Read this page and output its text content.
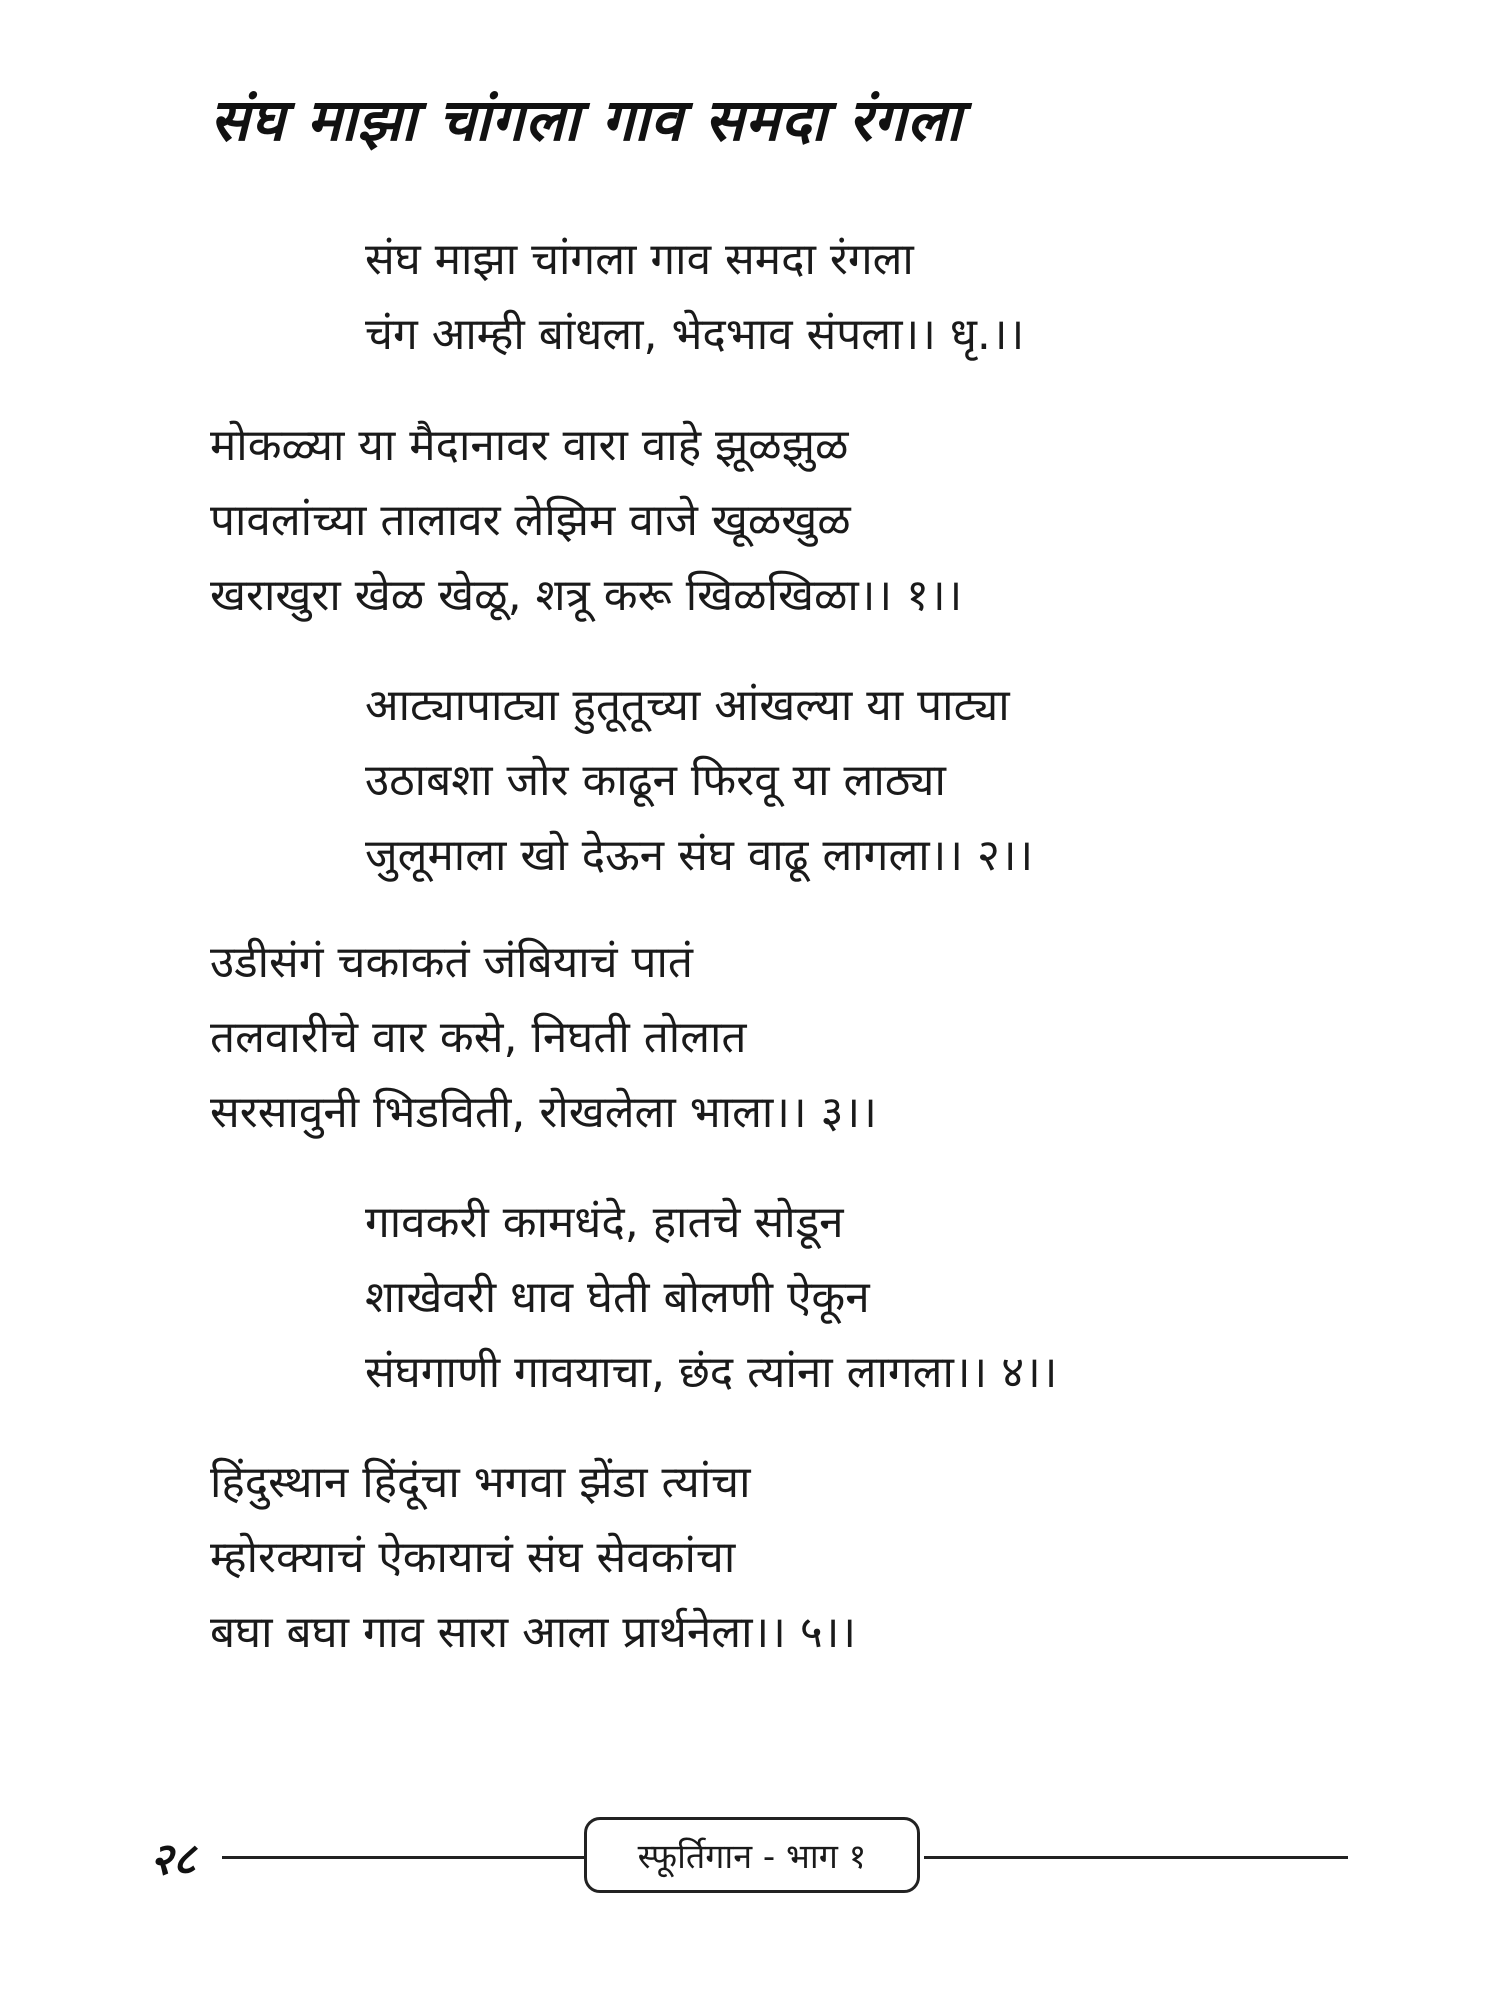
संघ माझा चांगला गाव समदा रंगला
संघ माझा चांगला गाव समदा रंगला
चंग आम्ही बांधला, भेदभाव संपला।। धृ.।।
मोकळ्या या मैदानावर वारा वाहे झूळझुळ
पावलांच्या तालावर लेझिम वाजे खूळखुळ
खराखुरा खेळ खेळू, शत्रू करू खिळखिळा।। १।।
आट्यापाट्या हुतूतूच्या आंखल्या या पाट्या
उठाबशा जोर काढून फिरवू या लाठ्या
जुलूमाला खो देऊन संघ वाढू लागला।। २।।
उडीसंगं चकाकतं जंबियाचं पातं
तलवारीचे वार कसे, निघती तोलात
सरसावुनी भिडविती, रोखलेला भाला।। ३।।
गावकरी कामधंदे, हातचे सोडून
शाखेवरी धाव घेती बोलणी ऐकून
संघगाणी गावयाचा, छंद त्यांना लागला।। ४।।
हिंदुस्थान हिंदूंचा भगवा झेंडा त्यांचा
म्होरक्याचं ऐकायाचं संघ सेवकांचा
बघा बघा गाव सारा आला प्रार्थनेला।। ५।।
२८	स्फूर्तिगान - भाग १
